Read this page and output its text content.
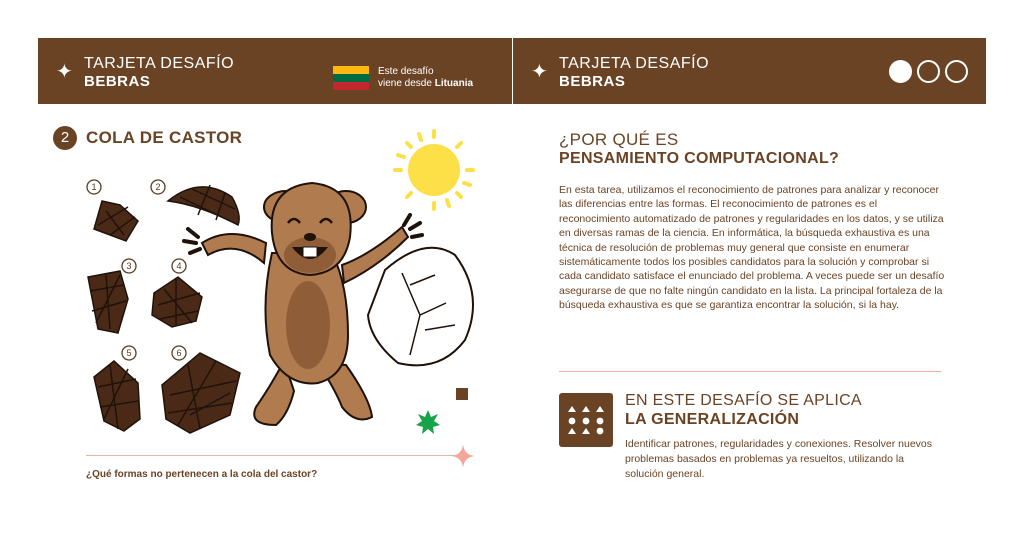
✦ TARJETA DESAFÍO
BEBRAS
Este desafío
viene desde Lituania
✦ TARJETA DESAFÍO
BEBRAS
2 COLA DE CASTOR
1	2
3	4
5	6
¿Qué formas no pertenecen a la cola del castor?
¿POR QUÉ ES
PENSAMIENTO COMPUTACIONAL?
En esta tarea, utilizamos el reconocimiento de patrones para analizar y reconocer las diferencias entre las formas. El reconocimiento de patrones es el reconocimiento automatizado de patrones y regularidades en los datos, y se utiliza en diversas ramas de la ciencia. En informática, la búsqueda exhaustiva es una técnica de resolución de problemas muy general que consiste en enumerar sistemáticamente todos los posibles candidatos para la solución y comprobar si cada candidato satisface el enunciado del problema. A veces puede ser un desafío asegurarse de que no falte ningún candidato en la lista. La principal fortaleza de la búsqueda exhaustiva es que se garantiza encontrar la solución, si la hay.
EN ESTE DESAFÍO SE APLICA
LA GENERALIZACIÓN
Identificar patrones, regularidades y conexiones. Resolver nuevos problemas basados en problemas ya resueltos, utilizando la solución general.
